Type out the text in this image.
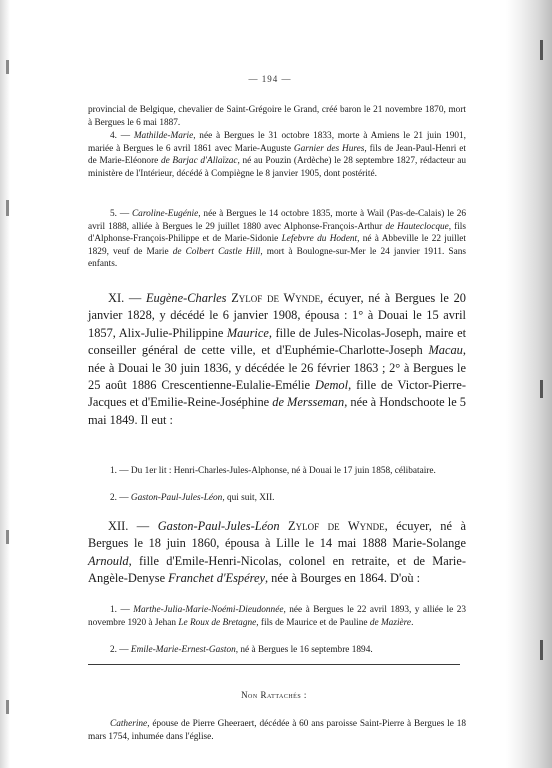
— 194 —

provincial de Belgique, chevalier de Saint-Grégoire le Grand, créé baron le 21 novembre 1870, mort à Bergues le 6 mai 1887.

4. — Mathilde-Marie, née à Bergues le 31 octobre 1833, morte à Amiens le 21 juin 1901, mariée à Bergues le 6 avril 1861 avec Marie-Auguste Garnier des Hures, fils de Jean-Paul-Henri et de Marie-Eléonore de Barjac d'Allaïzac, né au Pouzin (Ardèche) le 28 septembre 1827, rédacteur au ministère de l'Intérieur, décédé à Compiègne le 8 janvier 1905, dont postérité.

5. — Caroline-Eugénie, née à Bergues le 14 octobre 1835, morte à Wail (Pas-de-Calais) le 26 avril 1888, alliée à Bergues le 29 juillet 1880 avec Alphonse-François-Arthur de Hauteclocque, fils d'Alphonse-François-Philippe et de Marie-Sidonie Lefebvre du Hodent, né à Abbeville le 22 juillet 1829, veuf de Marie de Colbert Castle Hill, mort à Boulogne-sur-Mer le 24 janvier 1911. Sans enfants.

XI. — Eugène-Charles Zylof de Wynde, écuyer, né à Bergues le 20 janvier 1828, y décédé le 6 janvier 1908, épousa : 1° à Douai le 15 avril 1857, Alix-Julie-Philippine Maurice, fille de Jules-Nicolas-Joseph, maire et conseiller général de cette ville, et d'Euphémie-Charlotte-Joseph Macau, née à Douai le 30 juin 1836, y décédée le 26 février 1863 ; 2° à Bergues le 25 août 1886 Crescentienne-Eulalie-Emélie Demol, fille de Victor-Pierre-Jacques et d'Emilie-Reine-Joséphine de Mersseman, née à Hondschoote le 5 mai 1849. Il eut :

1. — Du 1er lit : Henri-Charles-Jules-Alphonse, né à Douai le 17 juin 1858, célibataire.

2. — Gaston-Paul-Jules-Léon, qui suit, XII.

XII. — Gaston-Paul-Jules-Léon Zylof de Wynde, écuyer, né à Bergues le 18 juin 1860, épousa à Lille le 14 mai 1888 Marie-Solange Arnould, fille d'Emile-Henri-Nicolas, colonel en retraite, et de Marie-Angèle-Denyse Franchet d'Espérey, née à Bourges en 1864. D'où :

1. — Marthe-Julia-Marie-Noémi-Dieudonnée, née à Bergues le 22 avril 1893, y alliée le 23 novembre 1920 à Jehan Le Roux de Bretagne, fils de Maurice et de Pauline de Mazière.

2. — Emile-Marie-Ernest-Gaston, né à Bergues le 16 septembre 1894.

Non Rattachés :

Catherine, épouse de Pierre Gheeraert, décédée à 60 ans paroisse Saint-Pierre à Bergues le 18 mars 1754, inhumée dans l'église.
